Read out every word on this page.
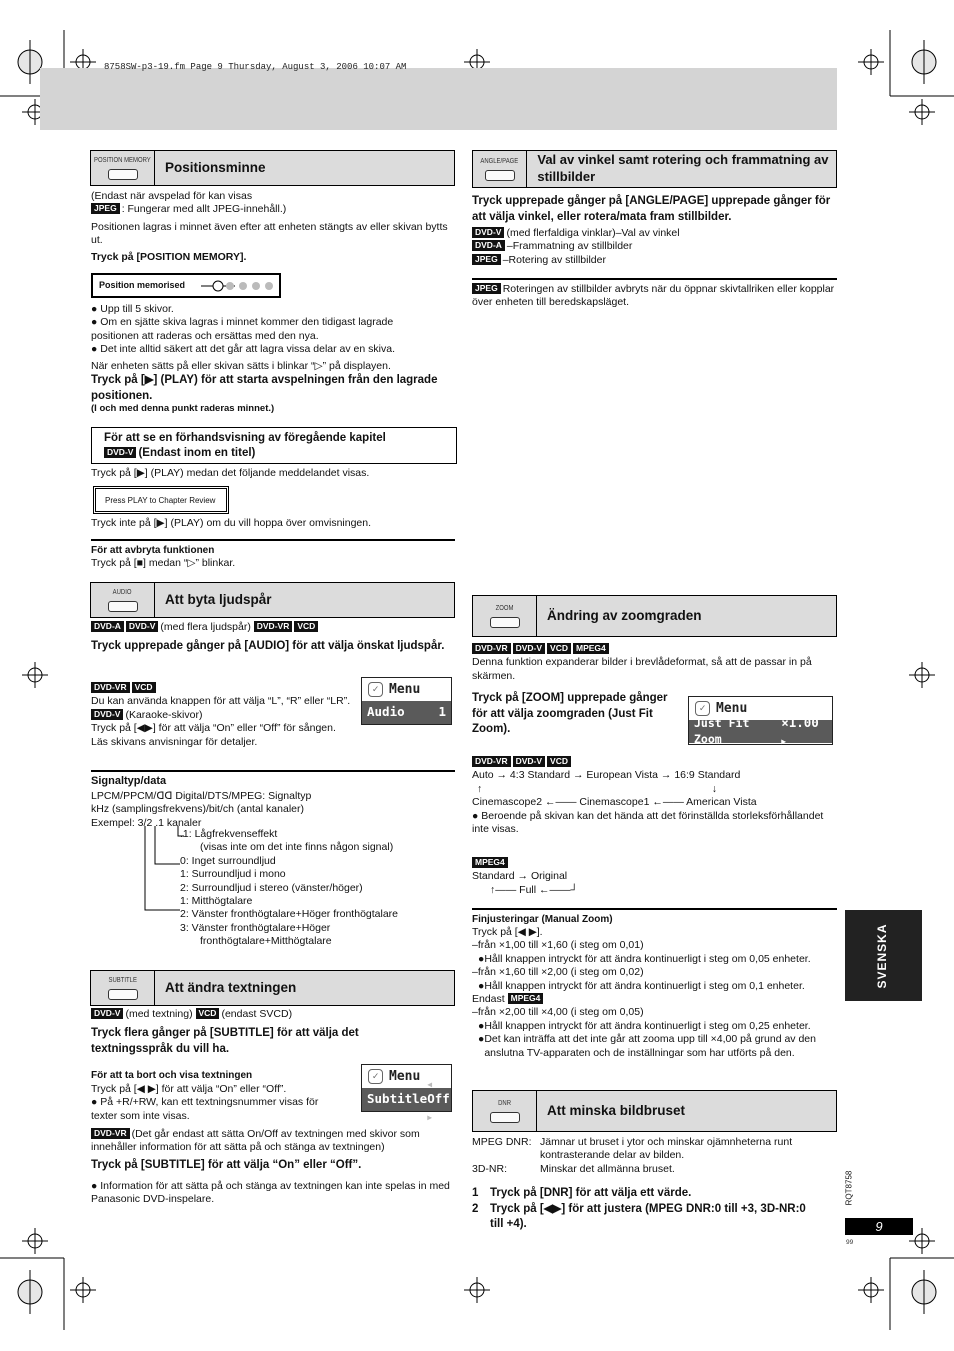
8758SW-p3-19.fm Page 9 Thursday, August 3, 2006 10:07 AM
POSITION MEMORY	Positionsminne
(Endast när avspelad för kan visas
JPEG : Fungerar med allt JPEG-innehåll.)
Positionen lagras i minnet även efter att enheten stängts av eller skivan bytts ut.
Tryck på [POSITION MEMORY].
Position memorised
● Upp till 5 skivor.
● Om en sjätte skiva lagras i minnet kommer den tidigast lagrade positionen att raderas och ersättas med den nya.
● Det inte alltid säkert att det går att lagra vissa delar av en skiva.
När enheten sätts på eller skivan sätts i blinkar “▷” på displayen.
Tryck på [▶] (PLAY) för att starta avspelningen från den lagrade positionen.
(I och med denna punkt raderas minnet.)
För att se en förhandsvisning av föregående kapitel
DVD-V (Endast inom en titel)
Tryck på [▶] (PLAY) medan det följande meddelandet visas.
Press PLAY to Chapter Review
Tryck inte på [▶] (PLAY) om du vill hoppa över omvisningen.
För att avbryta funktionen
Tryck på [■] medan “▷” blinkar.
AUDIO	Att byta ljudspår
DVD-A DVD-V (med flera ljudspår) DVD-VR VCD
Tryck upprepade gånger på [AUDIO] för att välja önskat ljudspår.
DVD-VR VCD
Du kan använda knappen för att välja “L”, “R” eller “LR”.
DVD-V (Karaoke-skivor)
Tryck på [◀▶] för att välja “On” eller “Off” för sången. Läs skivans anvisningar för detaljer.
✓ Menu
Audio	1
Signaltyp/data
LPCM/PPCM/ᗡᗡ Digital/DTS/MPEG: Signaltyp
kHz (samplingsfrekvens)/bit/ch (antal kanaler)
Exempel: 3/2 .1 kanaler
.1: Lågfrekvenseffekt
(visas inte om det inte finns någon signal)
0: Inget surroundljud
1: Surroundljud i mono
2: Surroundljud i stereo (vänster/höger)
1: Mitthögtalare
2: Vänster fronthögtalare+Höger fronthögtalare
3: Vänster fronthögtalare+Höger
fronthögtalare+Mitthögtalare
SUBTITLE	Att ändra textningen
DVD-V (med textning) VCD (endast SVCD)
Tryck flera gånger på [SUBTITLE] för att välja det textningsspråk du vill ha.
För att ta bort och visa textningen
Tryck på [◀ ▶] för att välja “On” eller “Off”.
● På +R/+RW, kan ett textningsnummer visas för texter som inte visas.
✓ Menu
Subtitle
◀ Off ▶
DVD-VR (Det går endast att sätta On/Off av textningen med skivor som innehåller information för att sätta på och stänga av textningen)
Tryck på [SUBTITLE] för att välja “On” eller “Off”.
● Information för att sätta på och stänga av textningen kan inte spelas in med Panasonic DVD-inspelare.
ANGLE/PAGE	Val av vinkel samt rotering och frammatning av stillbilder
Tryck upprepade gånger på [ANGLE/PAGE] upprepade gånger för att välja vinkel, eller rotera/mata fram stillbilder.
DVD-V (med flerfaldiga vinklar)–Val av vinkel
DVD-A –Frammatning av stillbilder
JPEG –Rotering av stillbilder
JPEG Roteringen av stillbilder avbryts när du öppnar skivtallriken eller kopplar över enheten till beredskapsläget.
ZOOM	Ändring av zoomgraden
DVD-VR DVD-V VCD MPEG4
Denna funktion expanderar bilder i brevlådeformat, så att de passar in på skärmen.
Tryck på [ZOOM] upprepade gånger för att välja zoomgraden (Just Fit Zoom).
✓ Menu
Just Fit Zoom
×1.00 ▶
DVD-VR DVD-V VCD
Auto → 4:3 Standard → European Vista → 16:9 Standard

↑	↓
Cinemascope2 ←—— Cinemascope1 ←—— American Vista
● Beroende på skivan kan det hända att det förinställda storleksförhållandet inte visas.
MPEG4
Standard → Original
↑—— Full ←——┘
Finjusteringar (Manual Zoom)
Tryck på [◀ ▶].
–från ×1,00 till ×1,60 (i steg om 0,01)
●Håll knappen intryckt för att ändra kontinuerligt i steg om 0,05 enheter.
–från ×1,60 till ×2,00 (i steg om 0,02)
●Håll knappen intryckt för att ändra kontinuerligt i steg om 0,1 enheter.
Endast MPEG4
–från ×2,00 till ×4,00 (i steg om 0,05)
●Håll knappen intryckt för att ändra kontinuerligt i steg om 0,25 enheter.

● Det kan inträffa att det inte går att zooma upp till ×4,00 på grund av den anslutna TV-apparaten och de inställningar som har utförts på den.
DNR	Att minska bildbruset
MPEG DNR: Jämnar ut bruset i ytor och minskar ojämnheterna runt kontrasterande delar av bilden.
3D-NR:	Minskar det allmänna bruset.
1	Tryck på [DNR] för att välja ett värde.
2	Tryck på [◀▶] för att justera (MPEG DNR:0 till +3, 3D-NR:0 till +4).
SVENSKA
RQT8758
9
99
